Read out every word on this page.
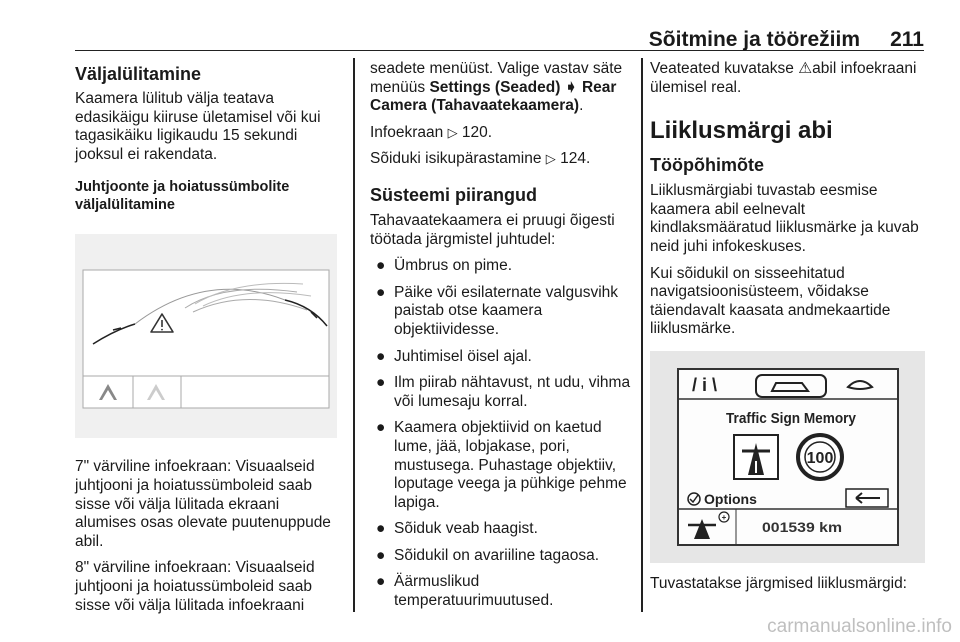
Sõitmine ja töörežiim 211
Väljalülitamine

Kaamera lülitub välja teatava edasikäigu kiiruse ületamisel või kui tagasikäiku ligikaudu 15 sekundi jooksul ei rakendata.

Juhtjoonte ja hoiatussümbolite väljalülitamine

7" värviline infoekraan: Visuaalseid juhtjooni ja hoiatussümboleid saab sisse või välja lülitada ekraani alumises osas olevate puutenuppude abil.

8" värviline infoekraan: Visuaalseid juhtjooni ja hoiatussümboleid saab sisse või välja lülitada infoekraani

seadete menüüst. Valige vastav säte menüüs Settings (Seaded) ➧ Rear Camera (Tahavaatekaamera).

Infoekraan ▷ 120.

Sõiduki isikupärastamine ▷ 124.

Süsteemi piirangud

Tahavaatekaamera ei pruugi õigesti töötada järgmistel juhtudel:

● Ümbrus on pime.
● Päike või esilaternate valgusvihk paistab otse kaamera objektiividesse.
● Juhtimisel öisel ajal.
● Ilm piirab nähtavust, nt udu, vihma või lumesaju korral.
● Kaamera objektiivid on kaetud lume, jää, lobjakase, pori, mustusega. Puhastage objektiiv, loputage veega ja pühkige pehme lapiga.
● Sõiduk veab haagist.
● Sõidukil on avariiline tagaosa.
● Äärmuslikud temperatuurimuutused.

Veateated kuvatakse ⚠abil infoekraani ülemisel real.

Liiklusmärgi abi
Tööpõhimõte

Liiklusmärgiabi tuvastab eesmise kaamera abil eelnevalt kindlaksmääratud liiklusmärke ja kuvab neid juhi infokeskuses.

Kui sõidukil on sisseehitatud navigatsioonisüsteem, võidakse täiendavalt kaasata andmekaartide liiklusmärke.

/ i \
Traffic Sign Memory
100
Options
+
001539 km

Tuvastatakse järgmised liiklusmärgid:

carmanualsonline.info
